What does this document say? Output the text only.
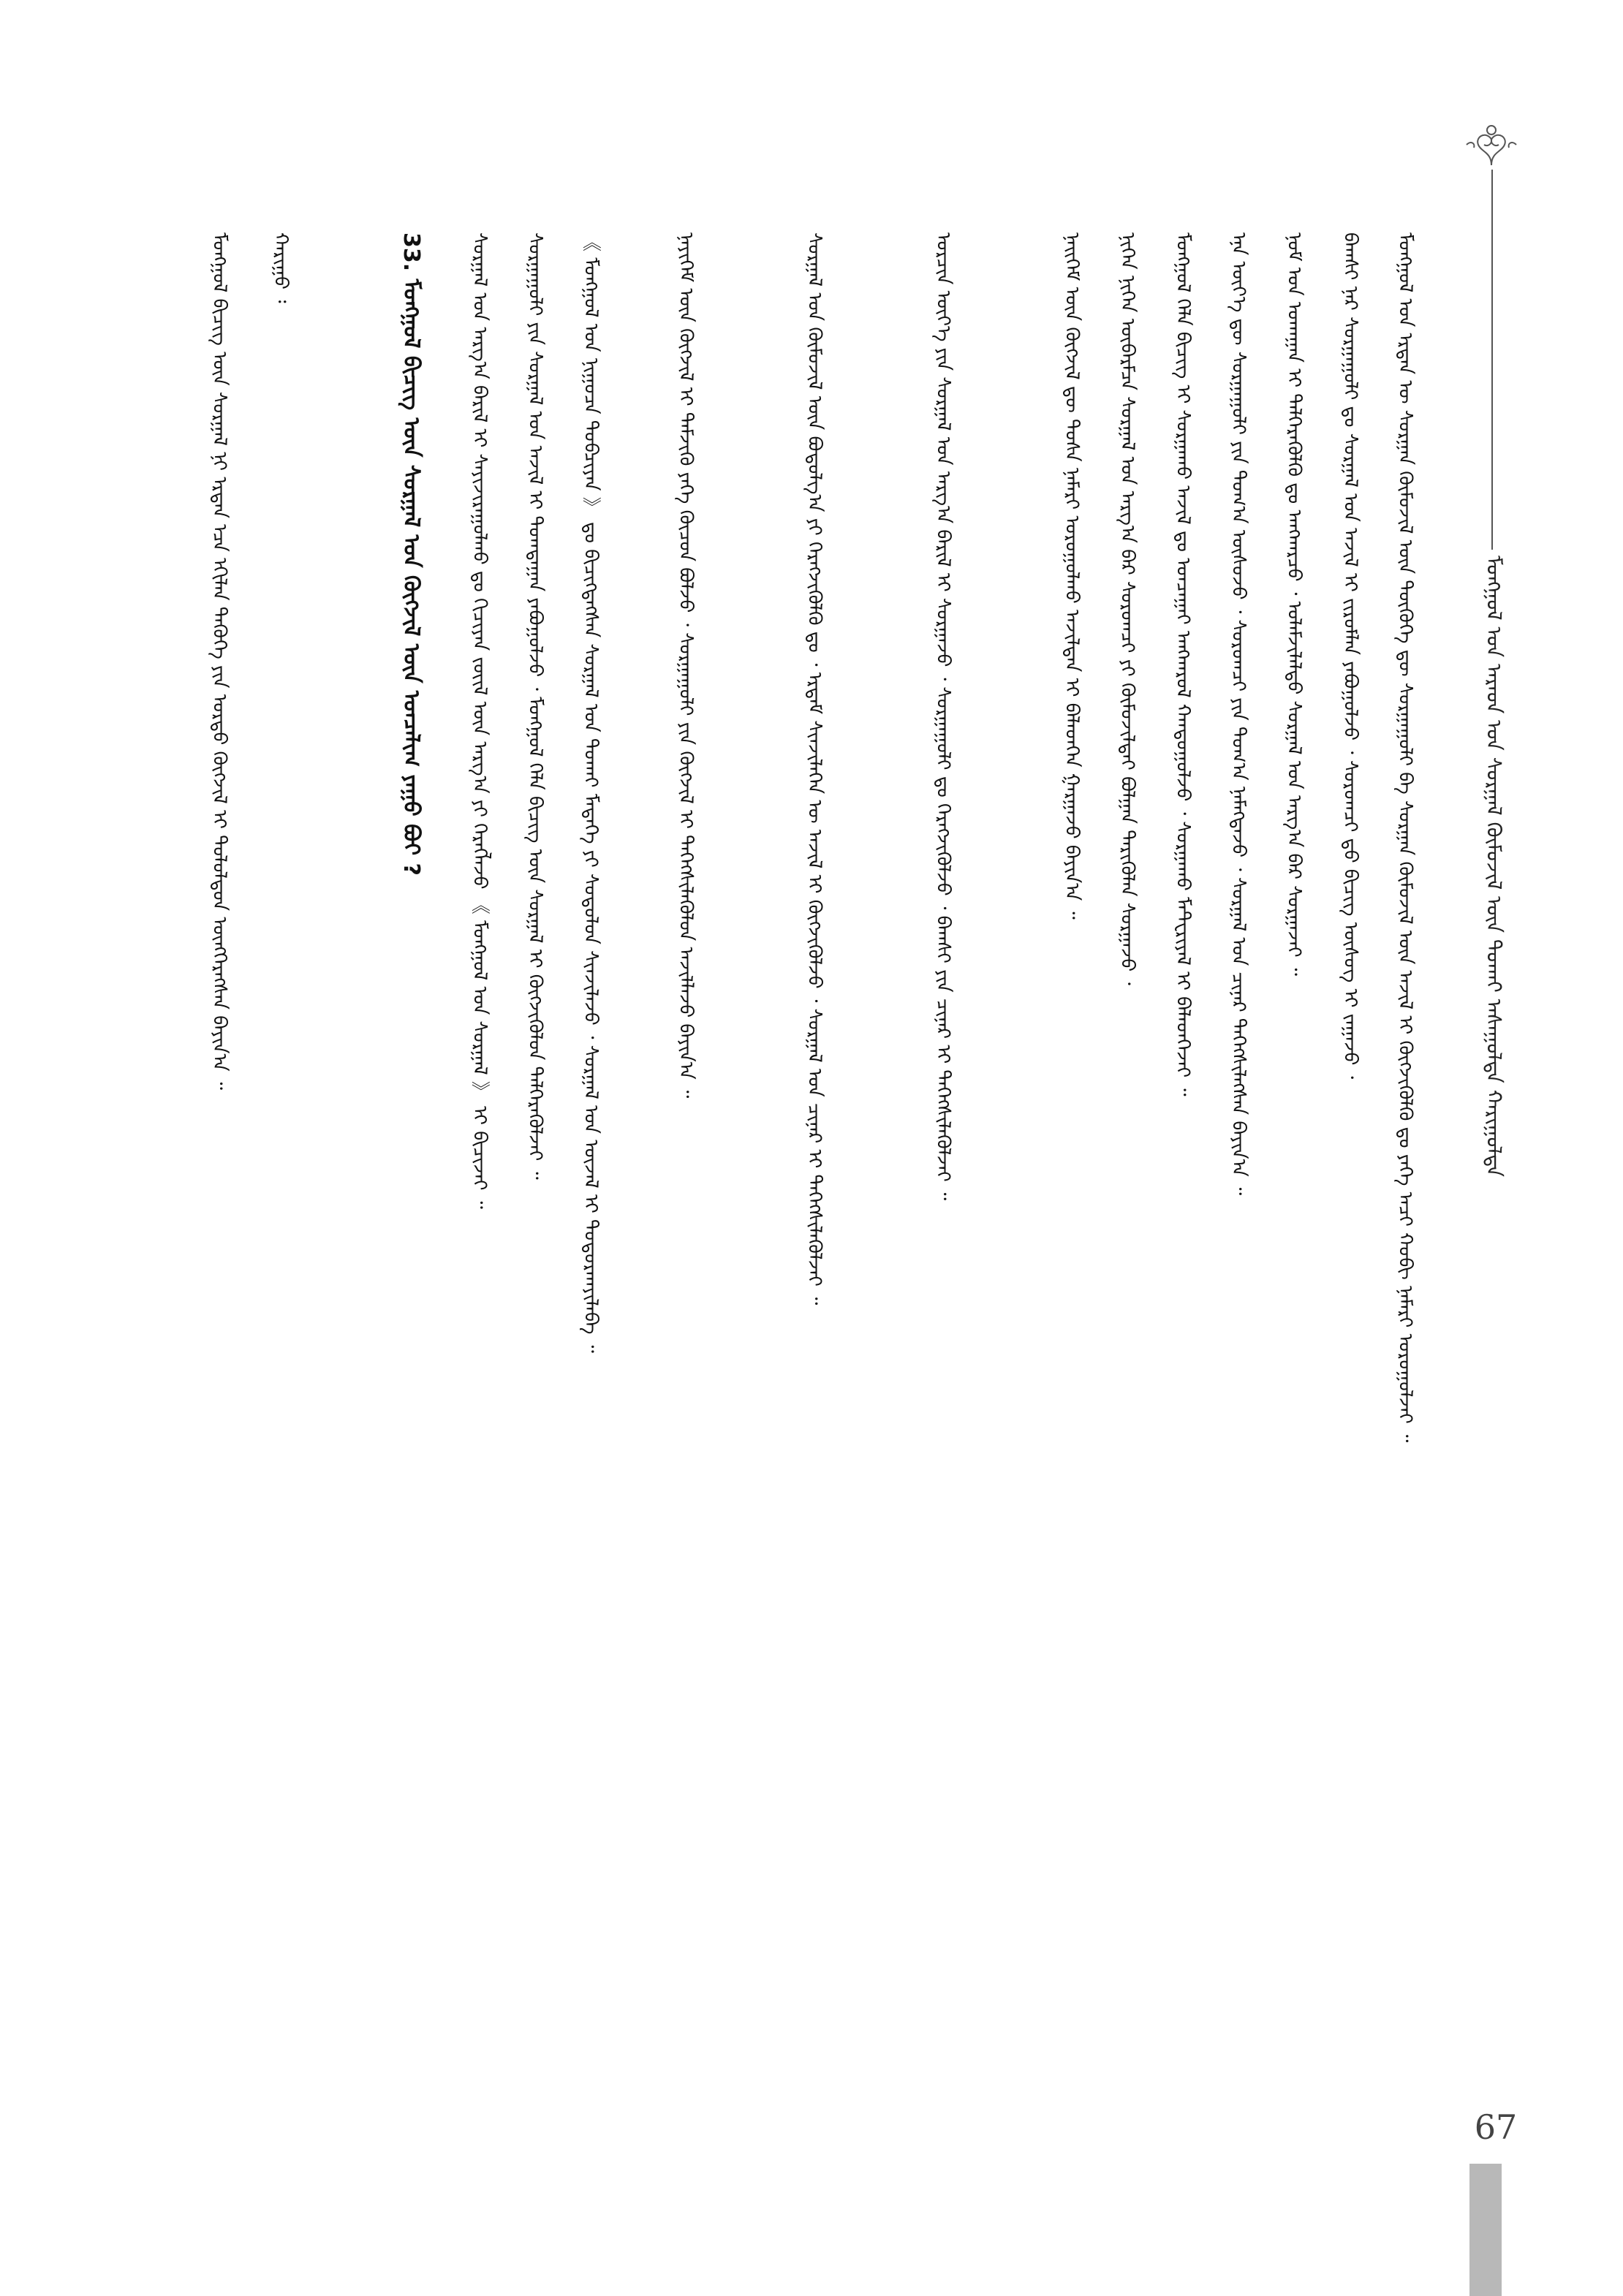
ᠮᠣᠩᠭᠣᠯ ᠤᠨ ᠠᠷᠠᠳ ᠤᠨ ᠰᠤᠷᠭᠠᠯ ᠬᠥᠮᠦᠵᠢᠯ ᠦᠨ ᠲᠤᠬᠠᠢ ᠠᠰᠠᠭᠤᠯᠲᠠ ᠬᠠᠷᠢᠭᠤᠯᠲᠠ
ᠮᠣᠩᠭᠣᠯ ᠤᠨ ᠡᠷᠲᠡᠨ ᠦ ᠰᠤᠷᠭᠠᠨ ᠬᠥᠮᠦᠵᠢᠯ ᠦᠨ ᠲᠦᠭᠦᠬᠡ ᠳᠦ ᠰᠤᠷᠭᠠᠭᠤᠯᠢ ᠪᠠ ᠰᠤᠷᠭᠠᠨ ᠬᠥᠮᠦᠵᠢᠯ ᠦᠨ ᠠᠵᠢᠯ ᠢ ᠬᠥᠭᠵᠢᠭᠦᠯᠬᠦ ᠳᠤ ᠶᠡᠬᠡ ᠠᠴᠢ ᠬᠤᠪᠢ ᠨᠡᠮᠡᠷᠢ ᠣᠷᠤᠭᠤᠯᠵᠠᠢ ᠃
ᠪᠠᠭᠰᠢ ᠨᠠᠷ ᠰᠤᠷᠭᠠᠭᠤᠯᠢ ᠳᠤ ᠰᠤᠷᠭᠠᠯ ᠤᠨ ᠠᠵᠢᠯ ᠢ ᠵᠢᠷᠤᠮᠯᠠᠨ ᠶᠠᠪᠤᠭᠤᠯᠵᠤ ᠂ ᠰᠤᠷᠤᠭᠴᠢ ᠳ᠋ᠤ ᠪᠢᠴᠢᠭ ᠦᠰᠦᠭ ᠢ ᠵᠠᠭᠠᠵᠤ ᠂
ᠨᠣᠮ ᠤᠨ ᠤᠬᠠᠭᠠᠨ ᠢ ᠳᠡᠯᠭᠡᠷᠡᠭᠦᠯᠬᠦ ᠳᠤ ᠠᠨᠭᠬᠠᠷᠴᠤ ᠂ ᠤᠯᠠᠮᠵᠢᠯᠠᠯᠲᠤ ᠰᠤᠷᠭᠠᠯ ᠤᠨ ᠠᠷᠭ᠎ᠠ ᠪᠠᠷ ᠰᠤᠷᠭᠠᠵᠠᠢ ᠃
ᠡᠨᠡ ᠦᠶ᠎ᠡ ᠳᠦ ᠰᠤᠷᠭᠠᠭᠤᠯᠢ ᠶᠢᠨ ᠲᠣᠭ᠎ᠠ ᠥᠰᠦᠵᠦ ᠂ ᠰᠤᠷᠤᠭᠴᠢ ᠶᠢᠨ ᠲᠣᠭ᠎ᠠ ᠨᠡᠮᠡᠭᠳᠡᠵᠦ ᠂ ᠰᠤᠷᠭᠠᠯ ᠤᠨ ᠴᠢᠨᠠᠷ ᠳᠡᠭᠡᠭᠰᠢᠯᠡᠭᠰᠡᠨ ᠪᠠᠶᠢᠨ᠎ᠠ ᠃
ᠮᠣᠩᠭᠣᠯ ᠬᠡᠯᠡ ᠪᠢᠴᠢᠭ ᠢ ᠰᠤᠷᠭᠠᠬᠤ ᠠᠵᠢᠯ ᠳᠤ ᠣᠨᠴᠠᠭᠠᠢ ᠠᠩᠬᠠᠷᠤᠯ ᠬᠠᠨᠳᠤᠭᠤᠯᠵᠤ ᠂ ᠰᠤᠷᠭᠠᠬᠤ ᠮᠠᠲᠧᠷᠢᠶᠠᠯ ᠢ ᠪᠡᠯᠡᠳᠬᠡᠵᠡᠢ ᠃
ᠨᠢᠭᠡᠨ ᠨᠢᠭᠡᠨ ᠥᠪᠡᠷᠮᠴᠡ ᠰᠤᠷᠭᠠᠯ ᠤᠨ ᠠᠷᠭ᠎ᠠ ᠪᠠᠷ ᠰᠤᠷᠤᠭᠴᠢ ᠶᠢ ᠬᠦᠮᠦᠵᠢᠯᠲᠡᠢ ᠪᠣᠯᠭᠠᠨ ᠲᠡᠷᠢᠭᠦᠯᠡᠨ ᠰᠤᠷᠭᠠᠵᠤ ᠂
ᠨᠡᠢᠭᠡᠮ ᠦᠨ ᠬᠥᠭᠵᠢᠯ ᠳᠦ ᠲᠤᠰᠠ ᠨᠡᠮᠡᠷᠢ ᠣᠷᠤᠭᠤᠯᠬᠤ ᠠᠵᠢᠯᠲᠠᠨ ᠢ ᠪᠡᠯᠡᠳᠬᠡᠨ ᠭᠠᠷᠭᠠᠵᠤ ᠪᠠᠶᠢᠨ᠎ᠠ ᠃
ᠣᠷᠴᠢᠨ ᠦᠶ᠎ᠡ ᠶᠢᠨ ᠰᠤᠷᠭᠠᠯ ᠤᠨ ᠠᠷᠭ᠎ᠠ ᠪᠠᠷᠢᠯ ᠢ ᠰᠤᠷᠭᠠᠵᠤ ᠂ ᠰᠤᠷᠭᠠᠭᠤᠯᠢ ᠳᠤ ᠬᠡᠷᠡᠭᠵᠢᠭᠦᠯᠵᠦ ᠂ ᠪᠠᠭᠰᠢ ᠶᠢᠨ ᠴᠢᠨᠠᠷ ᠢ ᠳᠡᠭᠡᠭᠰᠢᠯᠡᠭᠦᠯᠵᠡᠢ ᠃
ᠰᠤᠷᠭᠠᠯ ᠤᠨ ᠬᠦᠮᠦᠵᠢᠯ ᠦᠨ ᠪᠣᠳᠣᠯᠭ᠎ᠠ ᠶᠢ ᠬᠡᠷᠡᠭᠵᠢᠭᠦᠯᠬᠦ ᠳᠤ ᠂ ᠡᠷᠳᠡᠮ ᠰᠢᠨᠵᠢᠯᠡᠭᠡᠨ ᠦ ᠠᠵᠢᠯ ᠢ ᠬᠥᠭᠵᠢᠭᠦᠯᠵᠦ ᠂ ᠰᠤᠷᠭᠠᠯ ᠤᠨ ᠴᠢᠨᠠᠷ ᠢ ᠳᠡᠭᠡᠭᠰᠢᠯᠡᠭᠦᠯᠵᠡᠢ ᠃
ᠨᠡᠶᠢᠭᠡᠮ ᠦᠨ ᠬᠥᠭᠵᠢᠯ ᠢ ᠳᠡᠮᠵᠢᠬᠦ ᠶᠡᠬᠡ ᠬᠦᠴᠦᠨ ᠪᠣᠯᠵᠤ ᠂ ᠰᠤᠷᠭᠠᠭᠤᠯᠢ ᠶᠢᠨ ᠬᠥᠭᠵᠢᠯ ᠢ ᠳᠡᠭᠡᠭᠰᠢᠯᠡᠭᠦᠯᠦᠨ ᠠᠵᠢᠯᠯᠠᠵᠤ ᠪᠠᠶᠢᠨ᠎ᠠ ᠃
《 ᠮᠣᠩᠭᠣᠯ ᠤᠨ ᠨᠢᠭᠤᠴᠠ ᠲᠣᠪᠴᠢᠶᠠᠨ 》 ᠳᠤ ᠪᠢᠴᠢᠭᠳᠡᠭᠰᠡᠨ ᠰᠤᠷᠭᠠᠯ ᠤᠨ ᠲᠤᠬᠠᠢ ᠮᠡᠳᠡᠭᠡ ᠶᠢ ᠰᠤᠳᠤᠯᠤᠨ ᠰᠢᠨᠵᠢᠯᠡᠵᠦ ᠂ ᠰᠤᠷᠭᠠᠯ ᠤᠨ ᠦᠵᠡᠯ ᠢ ᠲᠣᠳᠤᠷᠬᠠᠶᠢᠯᠠᠪᠠ ᠃
ᠰᠤᠷᠭᠠᠭᠤᠯᠢ ᠶᠢᠨ ᠰᠤᠷᠭᠠᠯ ᠤᠨ ᠠᠵᠢᠯ ᠢ ᠲᠣᠭᠲᠠᠭᠠᠨ ᠶᠠᠪᠤᠭᠤᠯᠵᠤ ᠂ ᠮᠣᠩᠭᠣᠯ ᠬᠡᠯᠡ ᠪᠢᠴᠢᠭ ᠦᠨ ᠰᠤᠷᠭᠠᠯ ᠢ ᠬᠥᠭᠵᠢᠭᠦᠯᠦᠨ ᠳᠡᠯᠭᠡᠷᠡᠭᠦᠯᠵᠡᠢ ᠃
ᠰᠤᠷᠭᠠᠯ ᠤᠨ ᠠᠷᠭ᠎ᠠ ᠪᠠᠷᠢᠯ ᠢ ᠰᠠᠶᠢᠵᠢᠷᠠᠭᠤᠯᠬᠤ ᠳᠤ ᠬᠢᠴᠢᠶᠡᠨ ᠵᠦᠢᠯ ᠦᠨ ᠠᠷᠭ᠎ᠠ ᠶᠢ ᠬᠡᠷᠡᠭᠯᠡᠵᠦ 《 ᠮᠣᠩᠭᠣᠯ ᠤᠨ ᠰᠤᠷᠭᠠᠯ 》 ᠢ ᠪᠢᠴᠢᠵᠡᠢ ᠃
33. ᠮᠣᠩᠭᠣᠯ ᠪᠢᠴᠢᠭ ᠦᠨ ᠰᠤᠷᠭᠠᠯ ᠤᠨ ᠬᠥᠭᠵᠢᠯ ᠦᠨ ᠣᠨᠴᠠᠯᠢᠭ ᠶᠠᠭᠤ ᠪᠤᠢ ?
ᠬᠠᠷᠢᠭᠤ ᠄
ᠮᠣᠩᠭᠣᠯ ᠪᠢᠴᠢᠭ ᠦᠨ ᠰᠤᠷᠭᠠᠯ ᠨᠢ ᠡᠷᠲᠡᠨ ᠡᠴᠡ ᠡᠬᠢᠯᠡᠨ ᠲᠡᠭᠦᠬᠡ ᠶᠢᠨ ᠤᠷᠲᠤ ᠬᠥᠭᠵᠢᠯ ᠢ ᠲᠤᠯᠤᠯᠳᠤᠨ ᠥᠩᠭᠡᠷᠡᠭᠰᠡᠨ ᠪᠠᠶᠢᠨ᠎ᠠ ᠃
67
